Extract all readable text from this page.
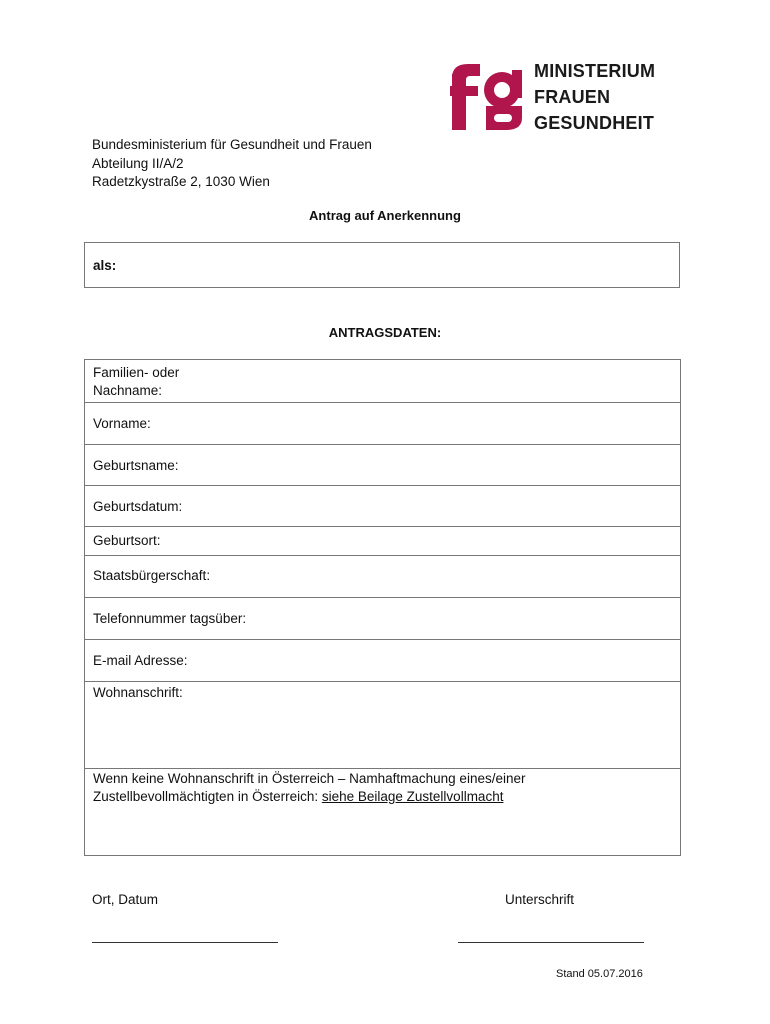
MINISTERIUM
FRAUEN
GESUNDHEIT
Bundesministerium für Gesundheit und Frauen
Abteilung II/A/2
Radetzkystraße 2, 1030 Wien
Antrag auf Anerkennung
als:
ANTRAGSDATEN:
Familien- oder
Nachname:

Vorname:
Geburtsname:
Geburtsdatum:
Geburtsort:
Staatsbürgerschaft:
Telefonnummer tagsüber:
E-mail Adresse:
Wohnanschrift:

Wenn keine Wohnanschrift in Österreich – Namhaftmachung eines/einer
Zustellbevollmächtigten in Österreich: siehe Beilage Zustellvollmacht
Ort, Datum	Unterschrift
Stand 05.07.2016
